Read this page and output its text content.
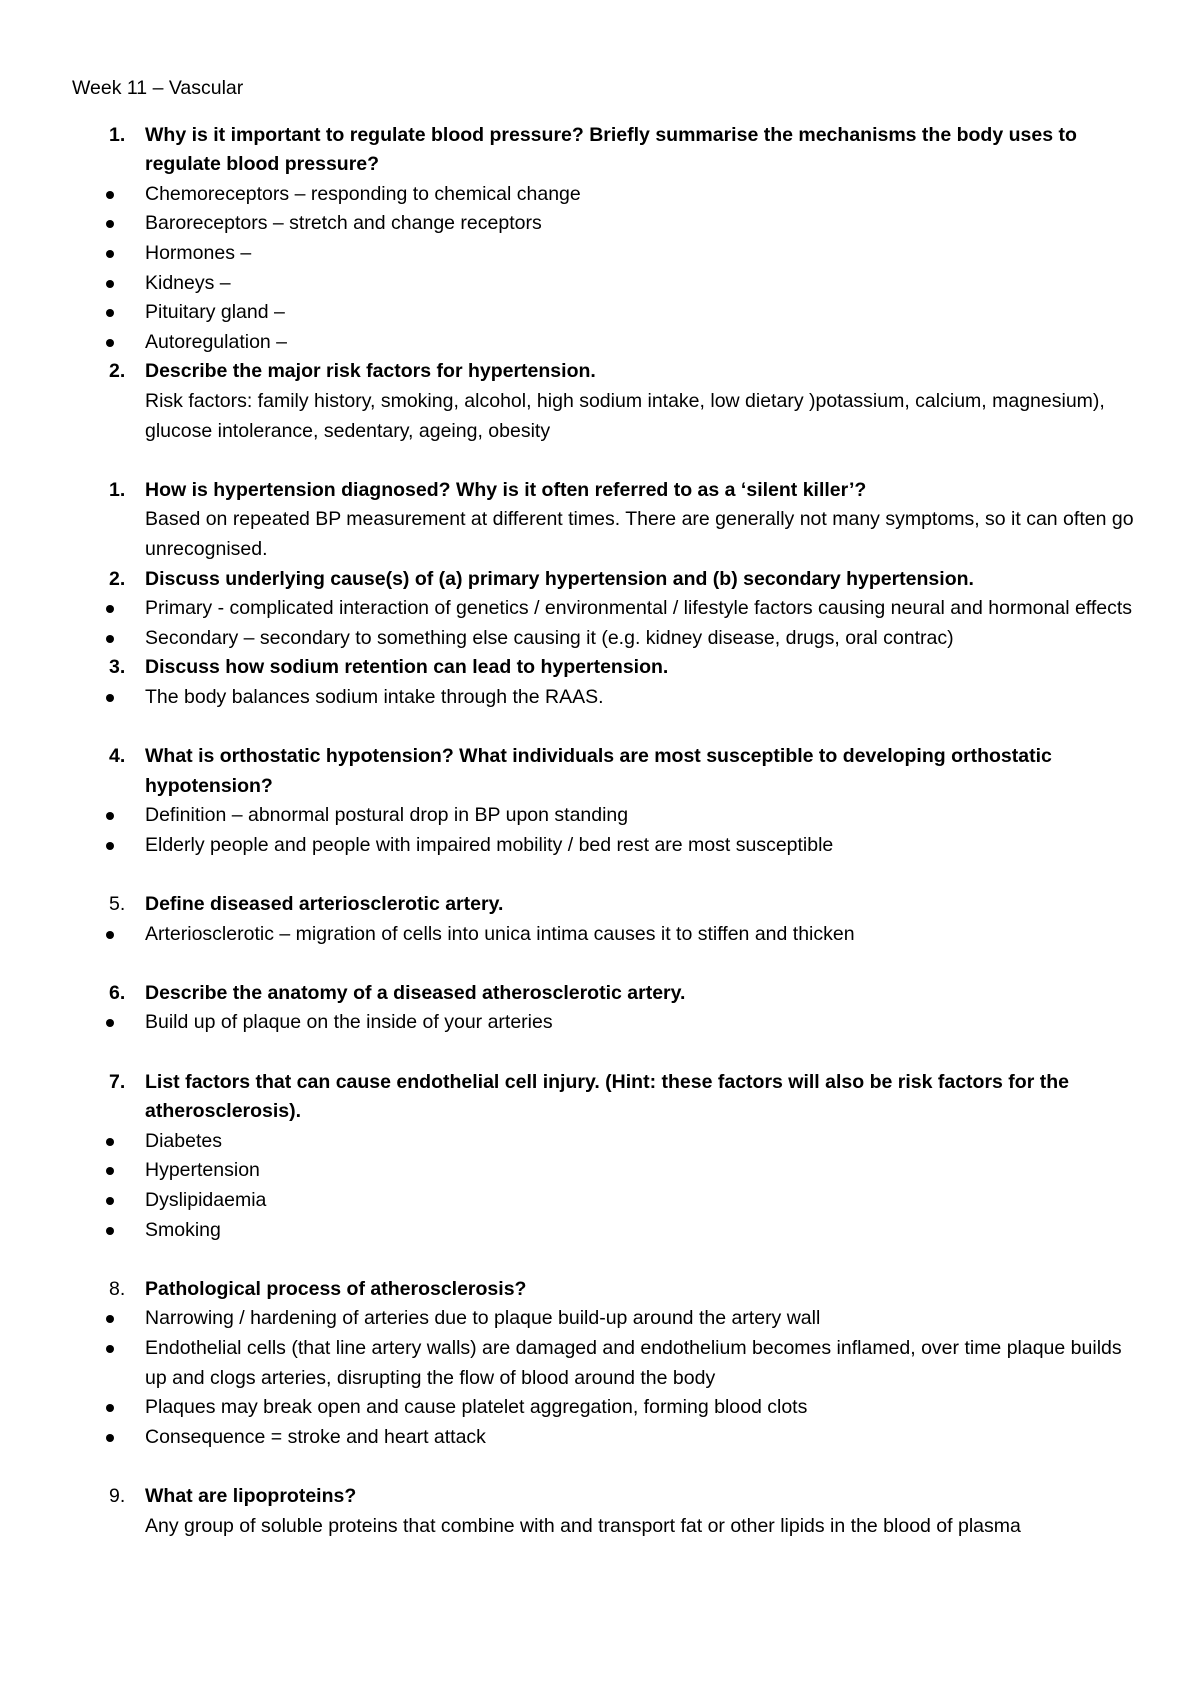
Week 11 – Vascular
1. Why is it important to regulate blood pressure? Briefly summarise the mechanisms the body uses to regulate blood pressure?
Chemoreceptors – responding to chemical change
Baroreceptors – stretch and change receptors
Hormones –
Kidneys –
Pituitary gland –
Autoregulation –
2. Describe the major risk factors for hypertension.
Risk factors: family history, smoking, alcohol, high sodium intake, low dietary )potassium, calcium, magnesium), glucose intolerance, sedentary, ageing, obesity
1. How is hypertension diagnosed? Why is it often referred to as a ‘silent killer’?
Based on repeated BP measurement at different times. There are generally not many symptoms, so it can often go unrecognised.
2. Discuss underlying cause(s) of (a) primary hypertension and (b) secondary hypertension.
Primary - complicated interaction of genetics / environmental / lifestyle factors causing neural and hormonal effects
Secondary – secondary to something else causing it (e.g. kidney disease, drugs, oral contrac)
3. Discuss how sodium retention can lead to hypertension.
The body balances sodium intake through the RAAS.
4. What is orthostatic hypotension? What individuals are most susceptible to developing orthostatic hypotension?
Definition – abnormal postural drop in BP upon standing
Elderly people and people with impaired mobility / bed rest are most susceptible
5. Define diseased arteriosclerotic artery.
Arteriosclerotic – migration of cells into unica intima causes it to stiffen and thicken
6. Describe the anatomy of a diseased atherosclerotic artery.
Build up of plaque on the inside of your arteries
7. List factors that can cause endothelial cell injury. (Hint: these factors will also be risk factors for the atherosclerosis).
Diabetes
Hypertension
Dyslipidaemia
Smoking
8. Pathological process of atherosclerosis?
Narrowing / hardening of arteries due to plaque build-up around the artery wall
Endothelial cells (that line artery walls) are damaged and endothelium becomes inflamed, over time plaque builds up and clogs arteries, disrupting the flow of blood around the body
Plaques may break open and cause platelet aggregation, forming blood clots
Consequence = stroke and heart attack
9. What are lipoproteins?
Any group of soluble proteins that combine with and transport fat or other lipids in the blood of plasma
